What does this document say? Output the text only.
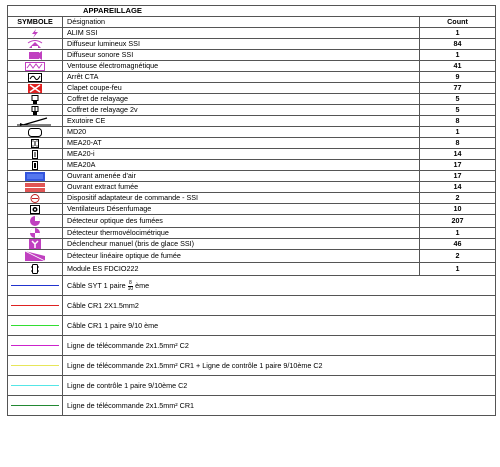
APPAREILLAGE		
SYMBOLE	Désignation	Count

	ALIM SSI	1

	Diffuseur lumineux SSI	84

	Diffuseur sonore SSI	1

	Ventouse électromagnétique	41

	Arrêt CTA	9

	Clapet coupe-feu	77

	Coffret de relayage	5

	Coffret de relayage 2v	5

	Exutoire CE	8

	MD20	1

	MEA20-AT	8

	MEA20-i	14

	MEA20A	17

	Ouvrant amenée d'air	17

	Ouvrant extract fumée	14

	Dispositif adaptateur de commande - SSI	2

	Ventilateurs Désenfumage	10

	Détecteur optique des fumées	207

	Détecteur thermovélocimétrique	1

	Déclencheur manuel (bris de glace SSI)	46

	Détecteur linéaire optique de fumée	2

	Module ES FDCIO222	1

	Câble SYT 1 paire $\frac{8}{10}$ ème	

	Câble CR1 2X1.5mm2	

	Câble CR1 1 paire 9/10 ème	

	Ligne de télécommande 2x1.5mm² C2	

	Ligne de télécommande 2x1.5mm² CR1 + Ligne de contrôle 1 paire 9/10ème C2	

	Ligne de contrôle 1 paire 9/10ème C2	

	Ligne de télécommande 2x1.5mm² CR1	
